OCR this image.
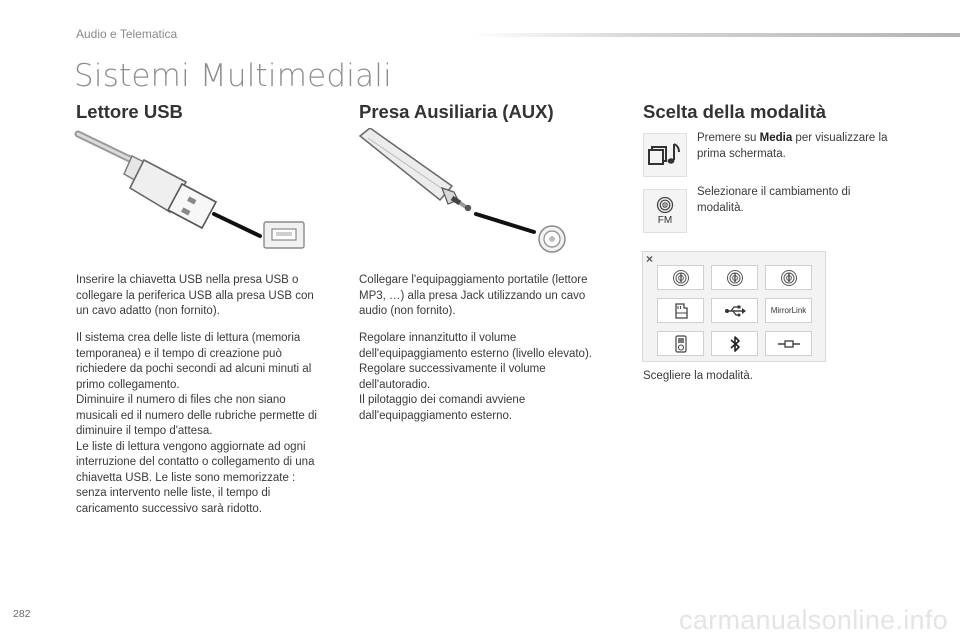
Audio e Telematica
Sistemi Multimediali
Lettore USB
Inserire la chiavetta USB nella presa USB o
collegare la periferica USB alla presa USB con
un cavo adatto (non fornito).
Il sistema crea delle liste di lettura (memoria
temporanea) e il tempo di creazione può
richiedere da pochi secondi ad alcuni minuti al
primo collegamento.
Diminuire il numero di files che non siano
musicali ed il numero delle rubriche permette di
diminuire il tempo d'attesa.
Le liste di lettura vengono aggiornate ad ogni
interruzione del contatto o collegamento di una
chiavetta USB. Le liste sono memorizzate :
senza intervento nelle liste, il tempo di
caricamento successivo sarà ridotto.
Presa Ausiliaria (AUX)
Collegare l'equipaggiamento portatile (lettore
MP3, …) alla presa Jack utilizzando un cavo
audio (non fornito).
Regolare innanzitutto il volume
dell'equipaggiamento esterno (livello elevato).
Regolare successivamente il volume
dell'autoradio.
Il pilotaggio dei comandi avviene
dall'equipaggiamento esterno.
Scelta della modalità
Premere su Media per visualizzare la
prima schermata.
FM
Selezionare il cambiamento di
modalità.
×
MirrorLink
Scegliere la modalità.
282	carmanualsonline.info
